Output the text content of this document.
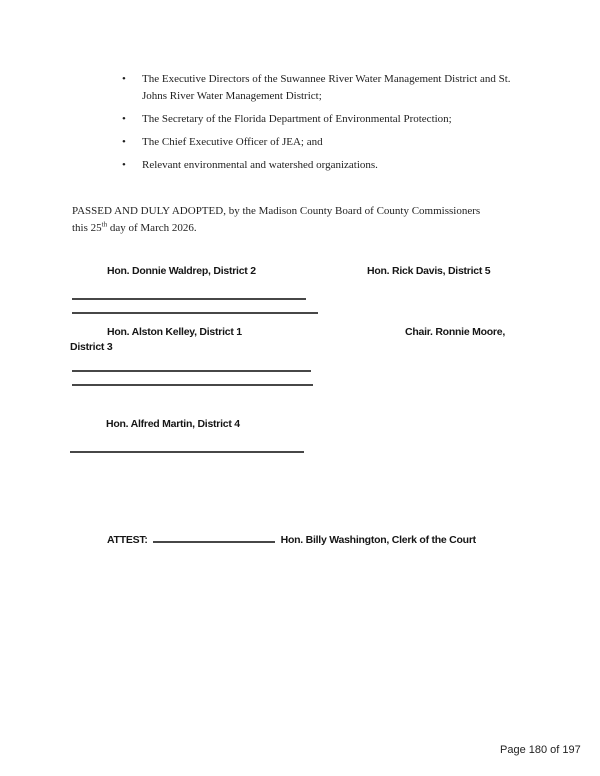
•	The Executive Directors of the Suwannee River Water Management District and St. Johns River Water Management District;
•	The Secretary of the Florida Department of Environmental Protection;
•	The Chief Executive Officer of JEA; and
•	Relevant environmental and watershed organizations.
PASSED AND DULY ADOPTED, by the Madison County Board of County Commissioners
this 25th day of March 2026.
Hon. Donnie Waldrep, District 2	Hon. Rick Davis, District 5
Hon. Alston Kelley, District 1	Chair. Ronnie Moore,
District 3
Hon. Alfred Martin, District 4
ATTEST:	Hon. Billy Washington, Clerk of the Court
Page 180 of 197
